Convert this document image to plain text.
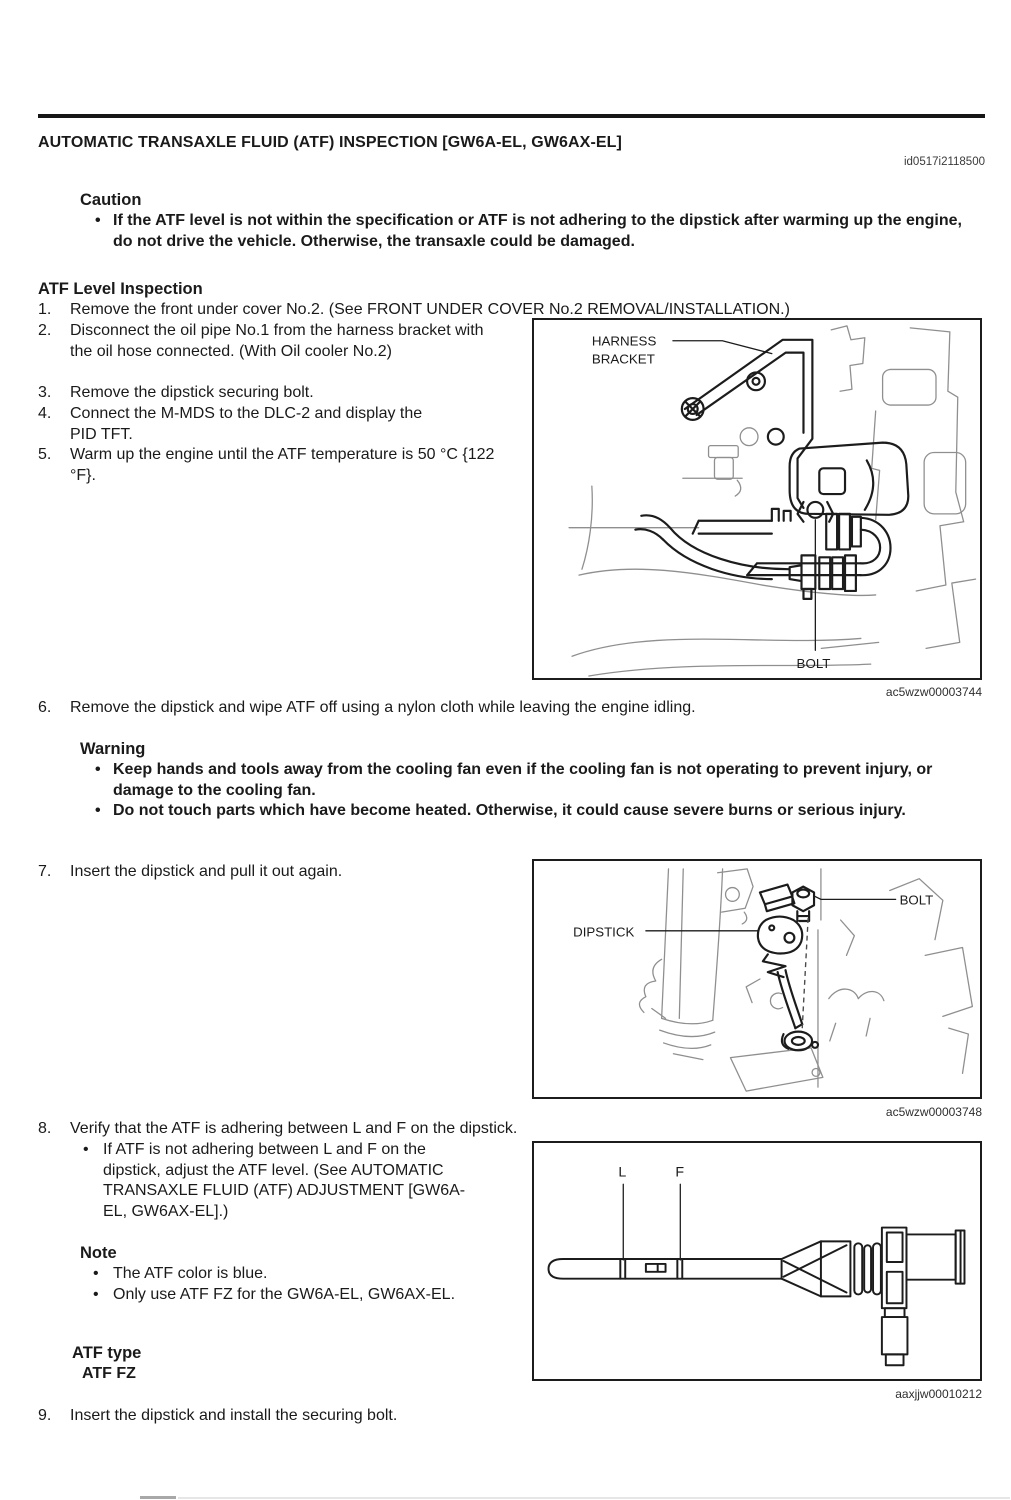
AUTOMATIC TRANSAXLE FLUID (ATF) INSPECTION [GW6A-EL, GW6AX-EL]
id0517i2118500
Caution
• If the ATF level is not within the specification or ATF is not adhering to the dipstick after warming up the engine, do not drive the vehicle. Otherwise, the transaxle could be damaged.
ATF Level Inspection
1.	Remove the front under cover No.2. (See FRONT UNDER COVER No.2 REMOVAL/INSTALLATION.)
2.	Disconnect the oil pipe No.1 from the harness bracket with the oil hose connected. (With Oil cooler No.2)
3.	Remove the dipstick securing bolt.
4.	Connect the M-MDS to the DLC-2 and display the PID TFT.
5.	Warm up the engine until the ATF temperature is 50 °C {122 °F}.
HARNESS
BRACKET
BOLT
ac5wzw00003744
6.	Remove the dipstick and wipe ATF off using a nylon cloth while leaving the engine idling.
Warning
• Keep hands and tools away from the cooling fan even if the cooling fan is not operating to prevent injury, or damage to the cooling fan.
• Do not touch parts which have become heated. Otherwise, it could cause severe burns or serious injury.
7.	Insert the dipstick and pull it out again.
DIPSTICK
BOLT
ac5wzw00003748
8.	Verify that the ATF is adhering between L and F on the dipstick.
• If ATF is not adhering between L and F on the dipstick, adjust the ATF level. (See AUTOMATIC TRANSAXLE FLUID (ATF) ADJUSTMENT [GW6A-EL, GW6AX-EL].)
L	F
aaxjjw00010212
Note
• The ATF color is blue.
• Only use ATF FZ for the GW6A-EL, GW6AX-EL.
ATF type
ATF FZ
9.	Insert the dipstick and install the securing bolt.
